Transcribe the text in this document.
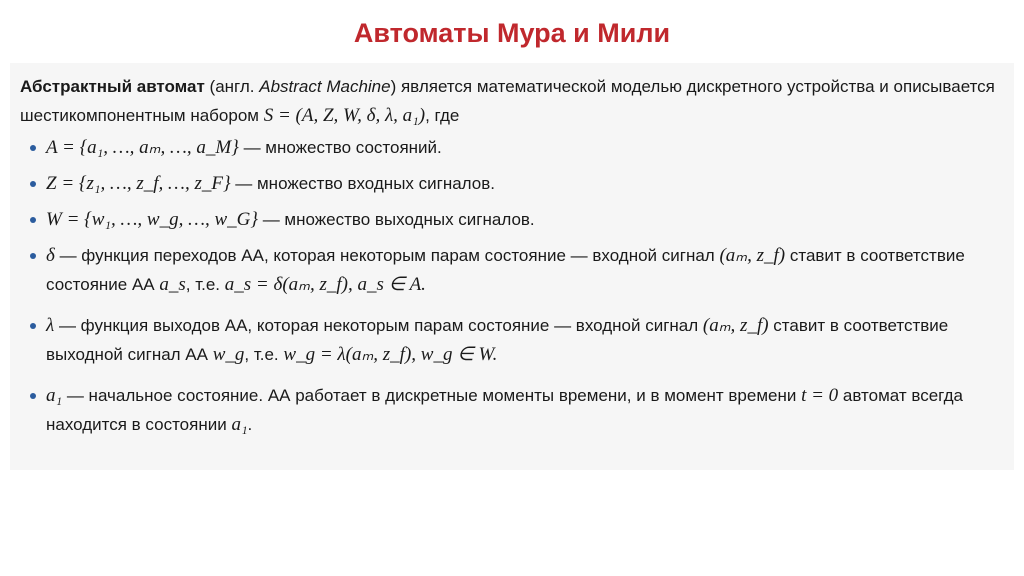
Автоматы Мура и Мили

Абстрактный автомат (англ. Abstract Machine) является математической моделью дискретного устройства и описывается шестикомпонентным набором S = (A, Z, W, δ, λ, a₁), где

A = {a₁, …, aₘ, …, a_M} — множество состояний.
Z = {z₁, …, z_f, …, z_F} — множество входных сигналов.
W = {w₁, …, w_g, …, w_G} — множество выходных сигналов.
δ — функция переходов АА, которая некоторым парам состояние — входной сигнал (aₘ, z_f) ставит в соответствие состояние АА a_s, т.е. a_s = δ(aₘ, z_f), a_s ∈ A.
λ — функция выходов АА, которая некоторым парам состояние — входной сигнал (aₘ, z_f) ставит в соответствие выходной сигнал АА w_g, т.е. w_g = λ(aₘ, z_f), w_g ∈ W.
a₁ — начальное состояние. АА работает в дискретные моменты времени, и в момент времени t = 0 автомат всегда находится в состоянии a₁.
